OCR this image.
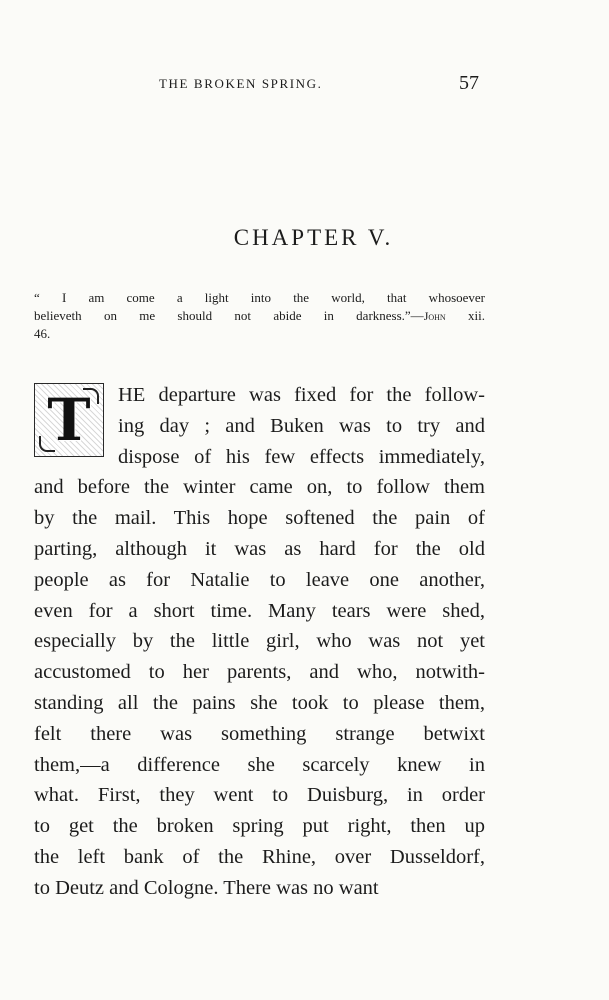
THE BROKEN SPRING.	57
CHAPTER V.
“ I am come a light into the world, that whosoever
believeth on me should not abide in darkness.”—John xii.
46.
T HE departure was fixed for the follow-
ing day ; and Buken was to try and
dispose of his few effects immediately,
and before the winter came on, to follow them
by the mail. This hope softened the pain of
parting, although it was as hard for the old
people as for Natalie to leave one another,
even for a short time. Many tears were shed,
especially by the little girl, who was not yet
accustomed to her parents, and who, notwith-
standing all the pains she took to please them,
felt there was something strange betwixt
them,—a difference she scarcely knew in
what. First, they went to Duisburg, in order
to get the broken spring put right, then up
the left bank of the Rhine, over Dusseldorf,
to Deutz and Cologne. There was no want
